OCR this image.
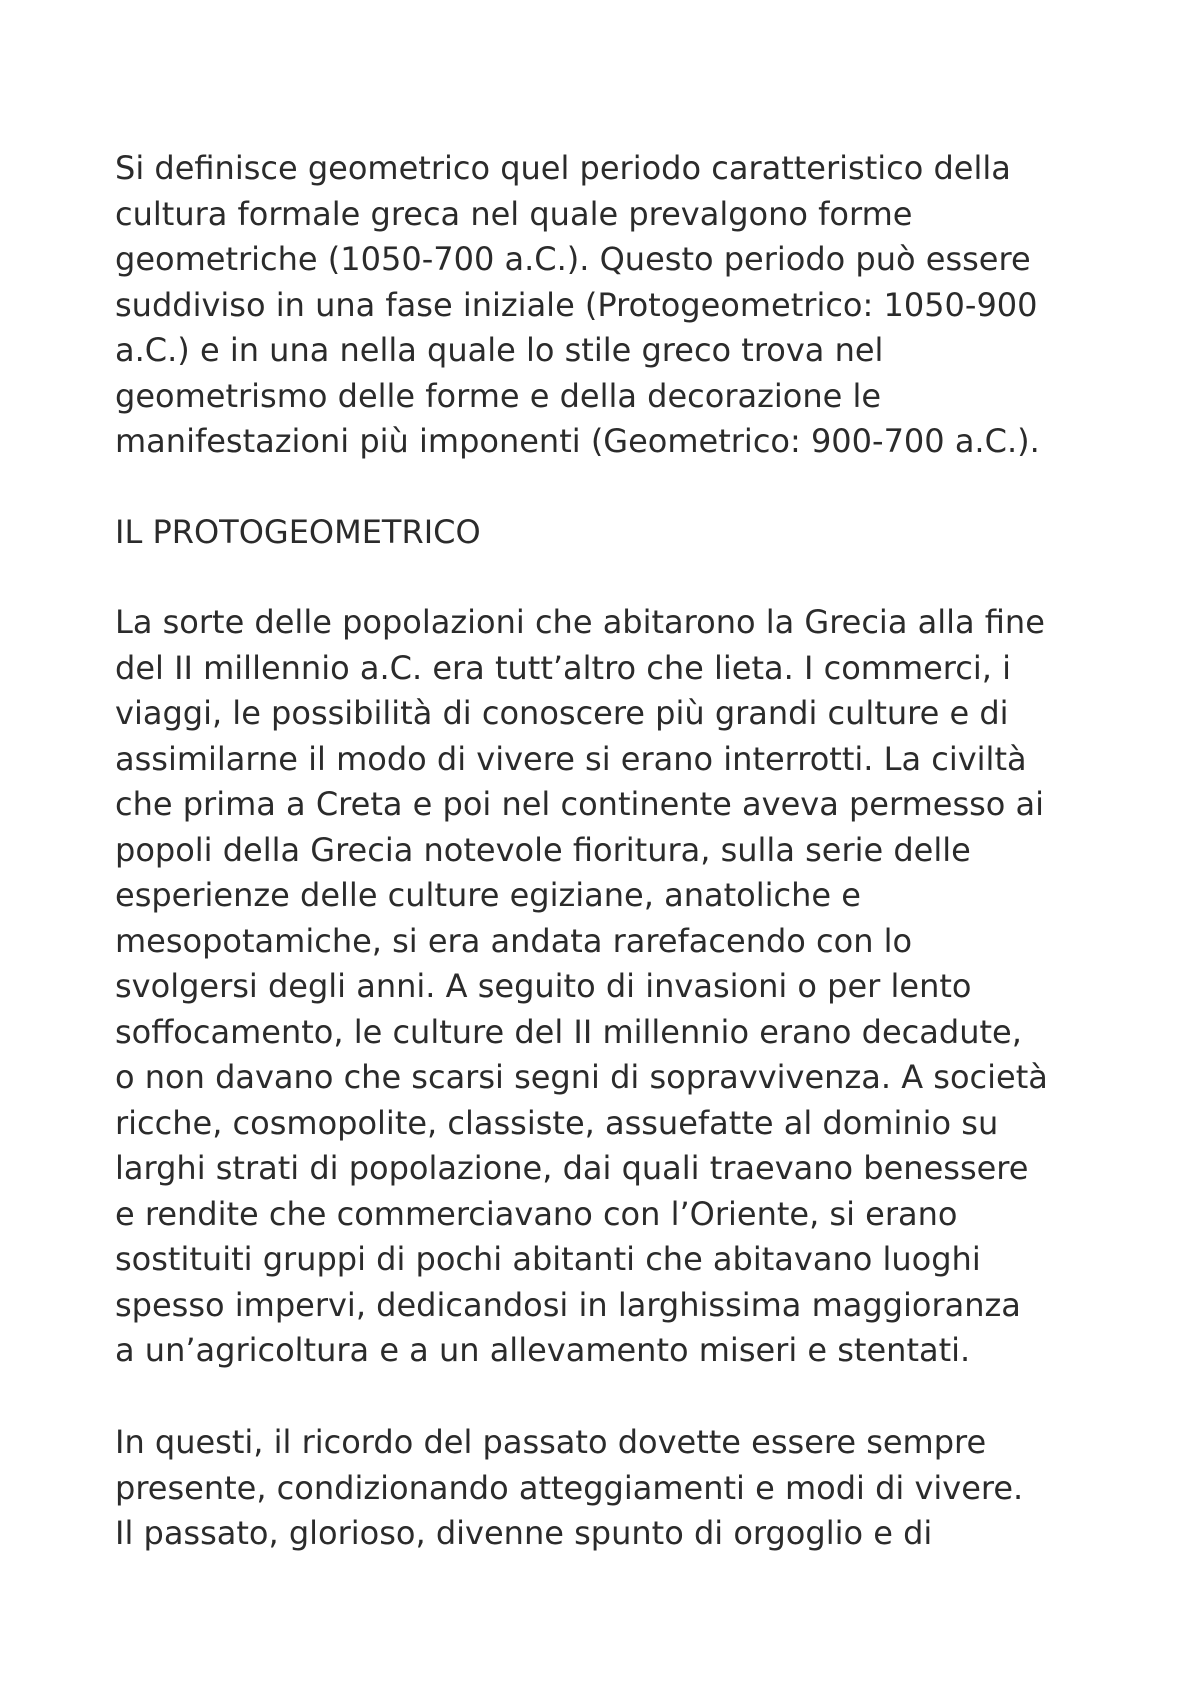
Si definisce geometrico quel periodo caratteristico della
cultura formale greca nel quale prevalgono forme
geometriche (1050-700 a.C.). Questo periodo può essere
suddiviso in una fase iniziale (Protogeometrico: 1050-900
a.C.) e in una nella quale lo stile greco trova nel
geometrismo delle forme e della decorazione le
manifestazioni più imponenti (Geometrico: 900-700 a.C.).
IL PROTOGEOMETRICO
La sorte delle popolazioni che abitarono la Grecia alla fine
del II millennio a.C. era tutt’altro che lieta. I commerci, i
viaggi, le possibilità di conoscere più grandi culture e di
assimilarne il modo di vivere si erano interrotti. La civiltà
che prima a Creta e poi nel continente aveva permesso ai
popoli della Grecia notevole fioritura, sulla serie delle
esperienze delle culture egiziane, anatoliche e
mesopotamiche, si era andata rarefacendo con lo
svolgersi degli anni. A seguito di invasioni o per lento
soffocamento, le culture del II millennio erano decadute,
o non davano che scarsi segni di sopravvivenza. A società
ricche, cosmopolite, classiste, assuefatte al dominio su
larghi strati di popolazione, dai quali traevano benessere
e rendite che commerciavano con l’Oriente, si erano
sostituiti gruppi di pochi abitanti che abitavano luoghi
spesso impervi, dedicandosi in larghissima maggioranza
a un’agricoltura e a un allevamento miseri e stentati.
In questi, il ricordo del passato dovette essere sempre
presente, condizionando atteggiamenti e modi di vivere.
Il passato, glorioso, divenne spunto di orgoglio e di
